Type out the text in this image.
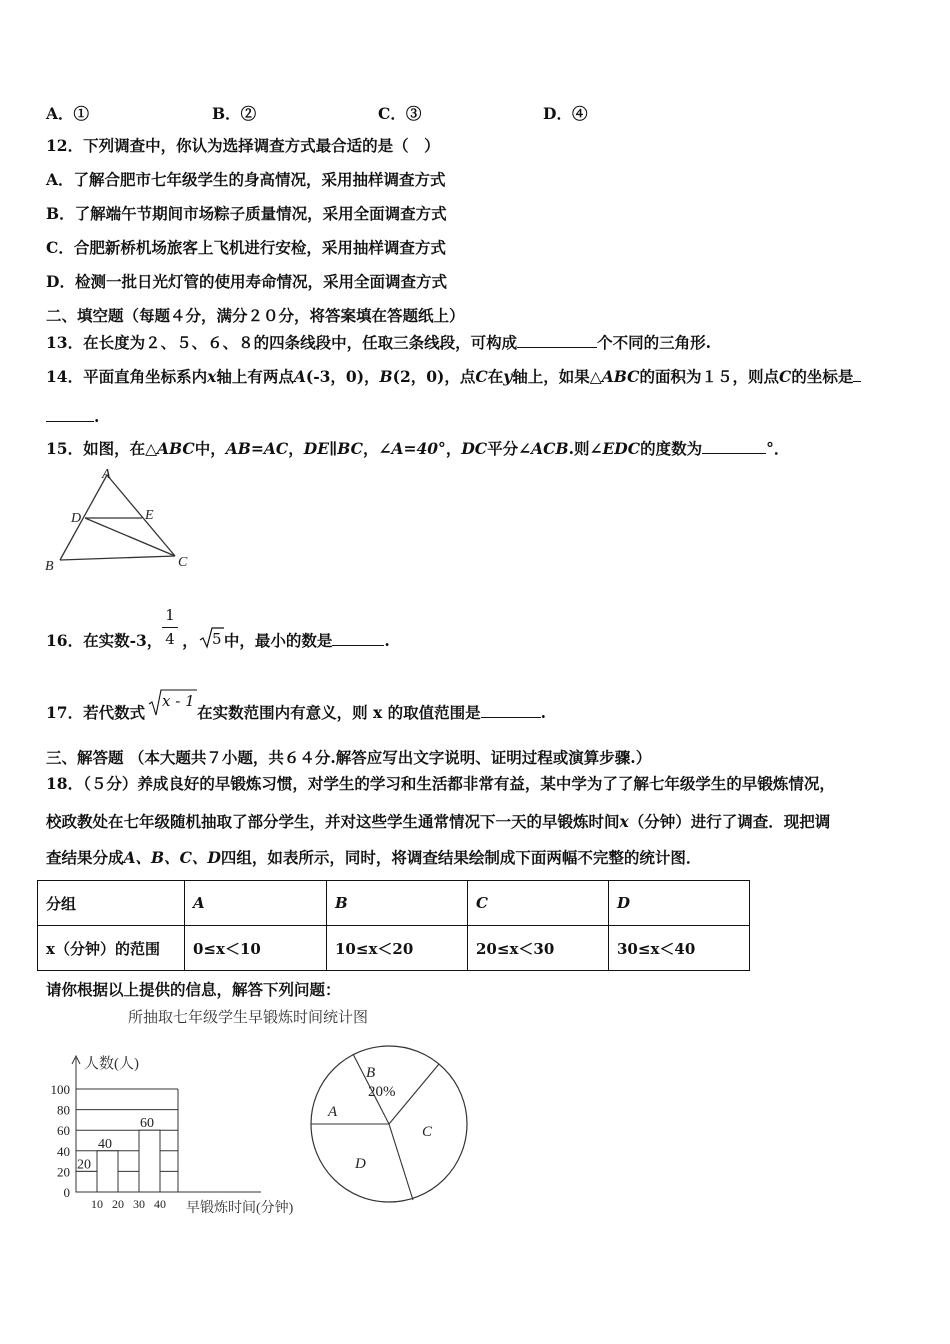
A．①	B．②	C．③	D．④
12．下列调查中，你认为选择调查方式最合适的是（　）
A．了解合肥市七年级学生的身高情况，采用抽样调查方式
B．了解端午节期间市场粽子质量情况，采用全面调查方式
C．合肥新桥机场旅客上飞机进行安检，采用抽样调查方式
D．检测一批日光灯管的使用寿命情况，采用全面调查方式
二、填空题（每题４分，满分２０分，将答案填在答题纸上）
13．在长度为２、５、６、８的四条线段中，任取三条线段，可构成	个不同的三角形.
14．平面直角坐标系内x轴上有两点A(-3，0)，B(2，0)，点C在y轴上，如果△ABC的面积为１５，则点C的坐标是
.
15．如图，在△ABC中，AB=AC，DE∥BC，∠A=40°，DC平分∠ACB.则∠EDC的度数为	°．
A
D	E
B	C
16．在实数-3， ， 中，最小的数是	.
1
4 5
17．若代数式	在实数范围内有意义，则 x 的取值范围是	.
x - 1
三、解答题 （本大题共７小题，共６４分.解答应写出文字说明、证明过程或演算步骤.）
18．（５分）养成良好的早锻炼习惯，对学生的学习和生活都非常有益，某中学为了了解七年级学生的早锻炼情况，
校政教处在七年级随机抽取了部分学生，并对这些学生通常情况下一天的早锻炼时间x（分钟）进行了调查．现把调
查结果分成A、B、C、D四组，如表所示，同时，将调查结果绘制成下面两幅不完整的统计图．
分组	A	B	C	D
x（分钟）的范围	0≤x＜10	10≤x＜20	20≤x＜30	30≤x＜40
请你根据以上提供的信息，解答下列问题：
所抽取七年级学生早锻炼时间统计图
20
40
60
0
20
40
60
80
100
10 20 30 40
人数(人)
早锻炼时间(分钟)
B
A
C
D
20%
